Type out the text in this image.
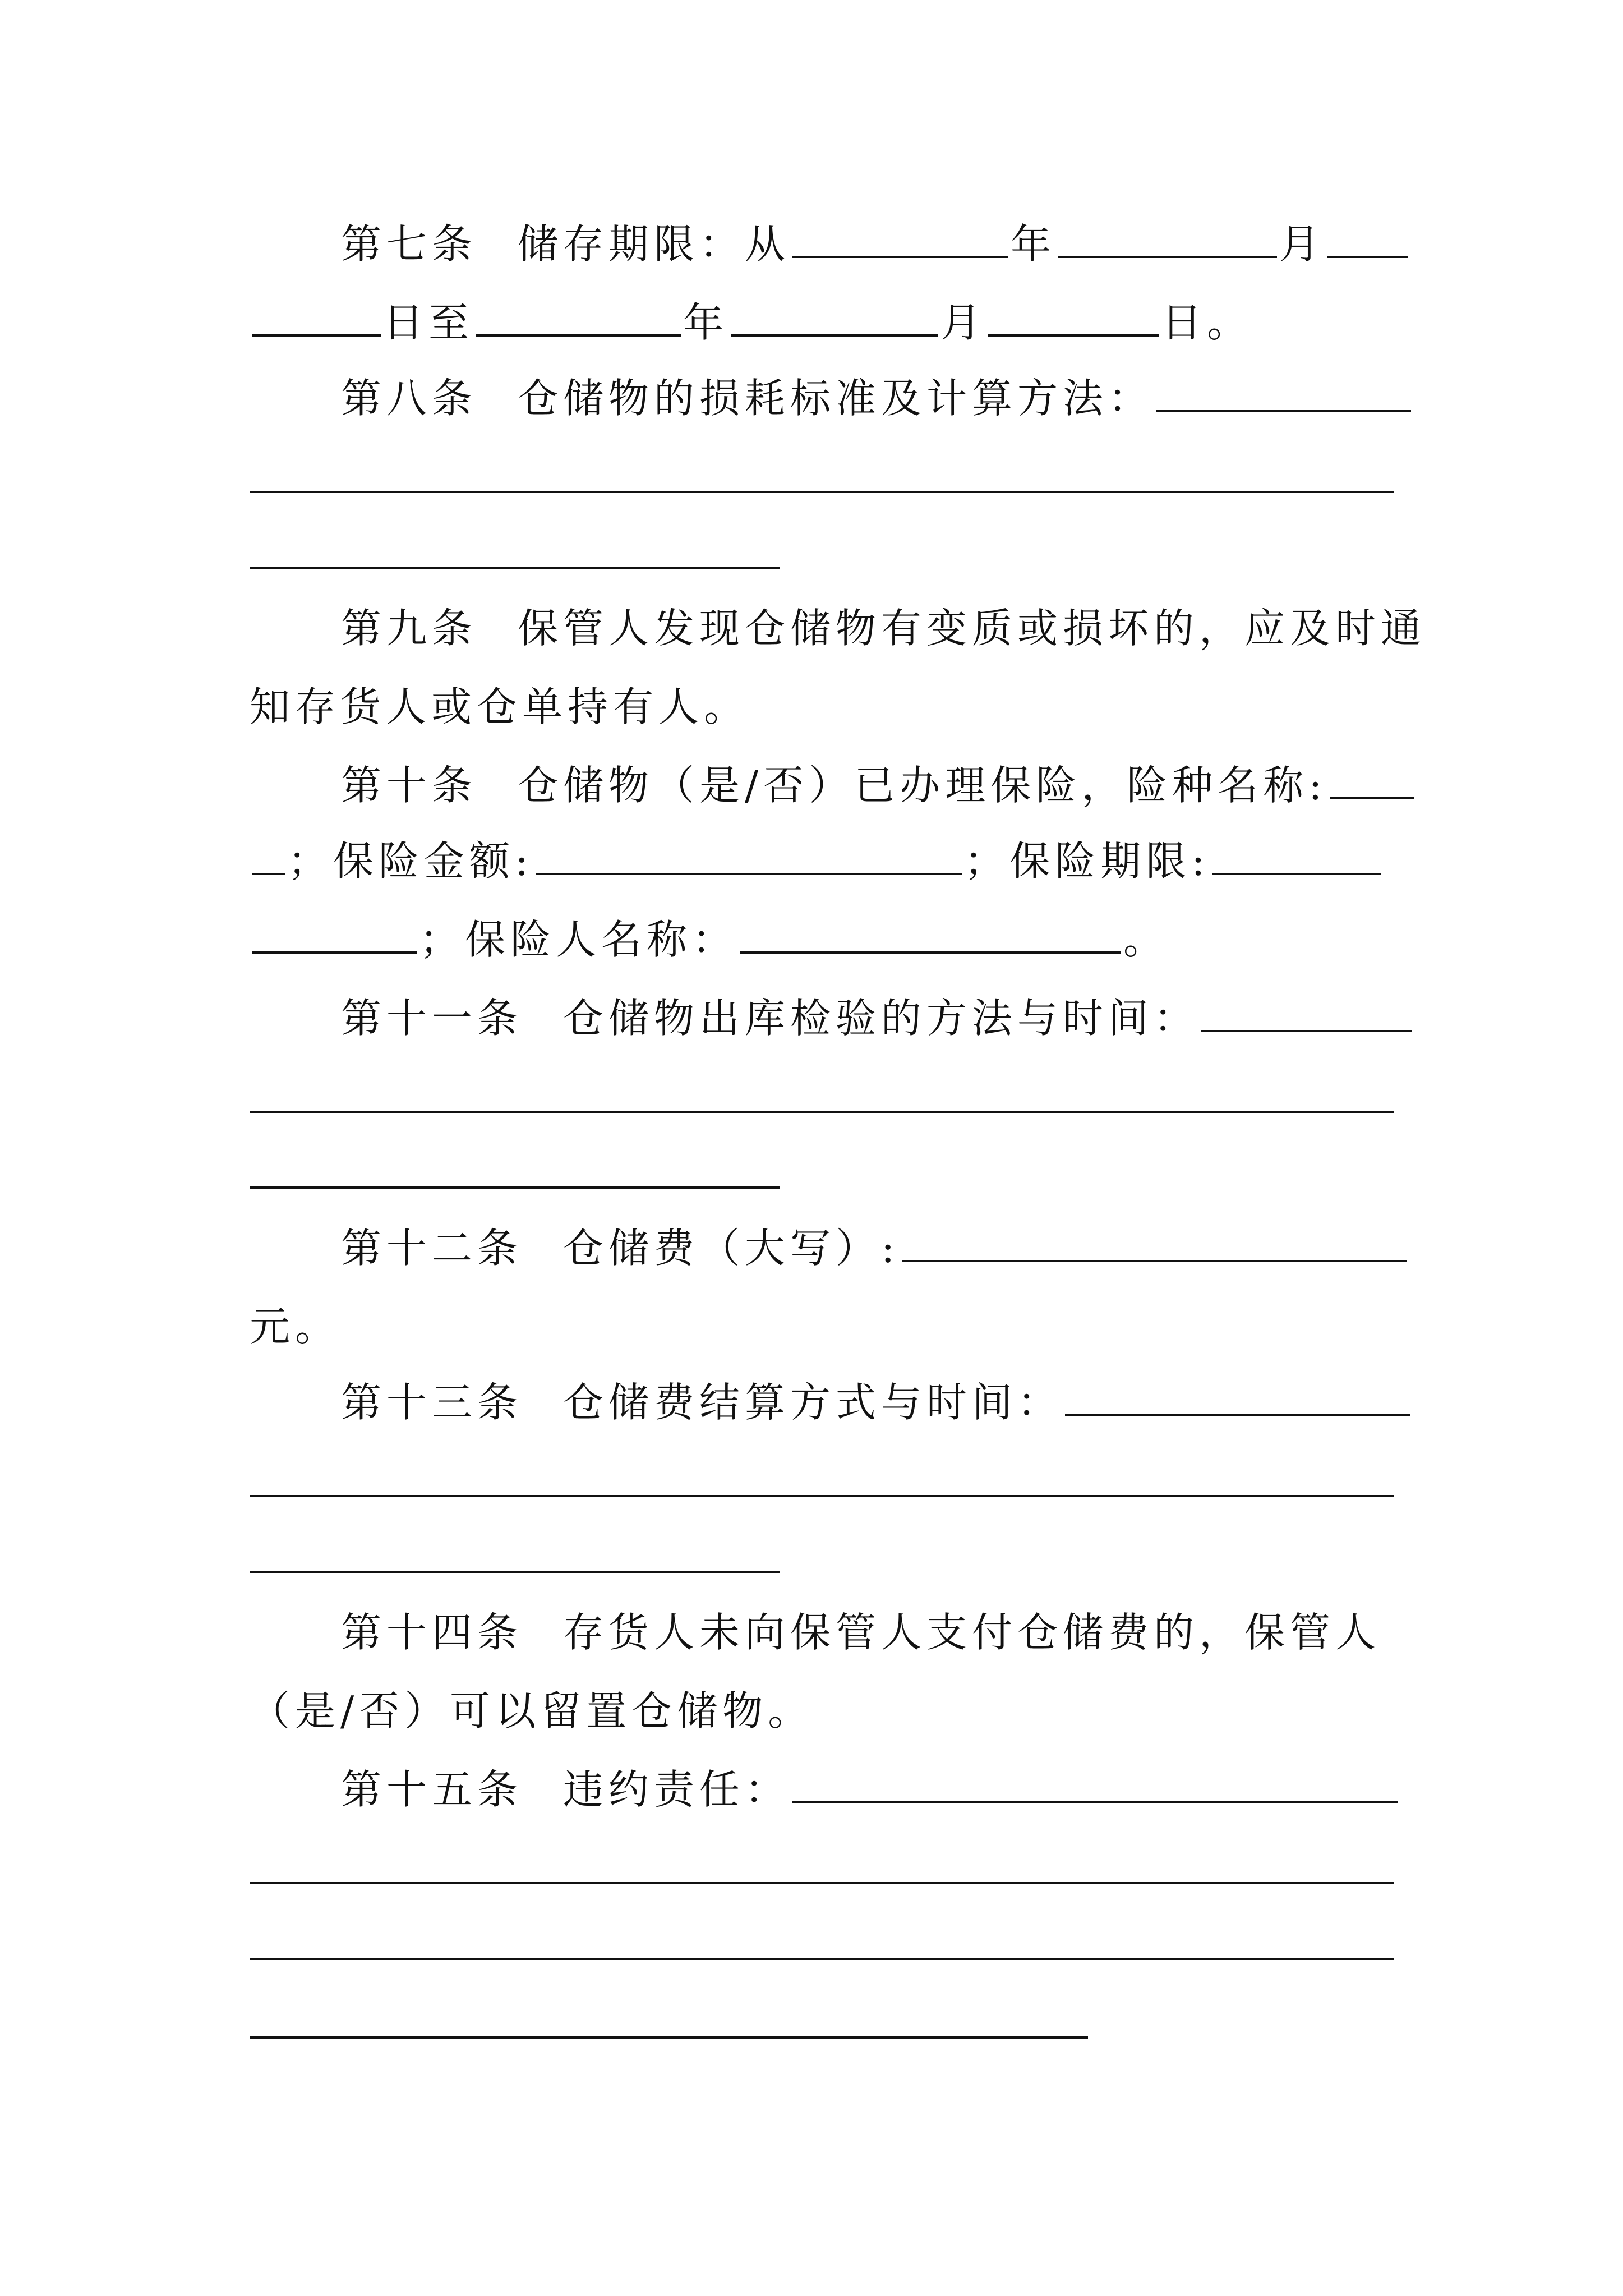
第七条 储存期限：从	年	月
日至	年	月	日。
第八条 仓储物的损耗标准及计算方法：
第九条 保管人发现仓储物有变质或损坏的，应及时通
知存货人或仓单持有人。
第十条 仓储物（是/否）已办理保险，险种名称:
；保险金额:	；保险期限:
；保险人名称：	。
第十一条 仓储物出库检验的方法与时间：
第十二条 仓储费（大写）:
元。
第十三条 仓储费结算方式与时间：
第十四条 存货人未向保管人支付仓储费的，保管人
（是/否）可以留置仓储物。
第十五条 违约责任：
